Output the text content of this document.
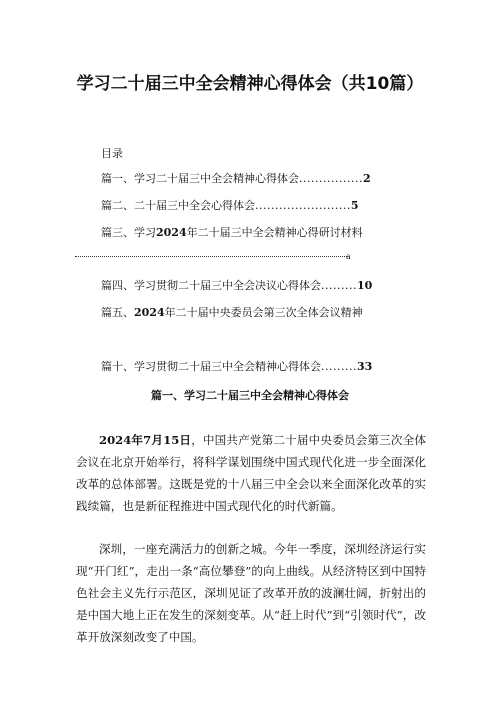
学习二十届三中全会精神心得体会（共10篇）
目录
篇一、学习二十届三中全会精神心得体会................2
篇二、二十届三中全会心得体会........................5
篇三、学习2024年二十届三中全会精神心得研讨材料
a
篇四、学习贯彻二十届三中全会决议心得体会.........10
篇五、2024年二十届中央委员会第三次全体会议精神
篇十、学习贯彻二十届三中全会精神心得体会.........33
篇一、学习二十届三中全会精神心得体会
2024年7月15日，中国共产党第二十届中央委员会第三次全体会议在北京开始举行，将科学谋划围绕中国式现代化进一步全面深化改革的总体部署。这既是党的十八届三中全会以来全面深化改革的实践续篇，也是新征程推进中国式现代化的时代新篇。
深圳，一座充满活力的创新之城。今年一季度，深圳经济运行实现“开门红”，走出一条“高位攀登”的向上曲线。从经济特区到中国特色社会主义先行示范区，深圳见证了改革开放的波澜壮阔，折射出的是中国大地上正在发生的深刻变革。从“赶上时代”到“引领时代”，改革开放深刻改变了中国。
